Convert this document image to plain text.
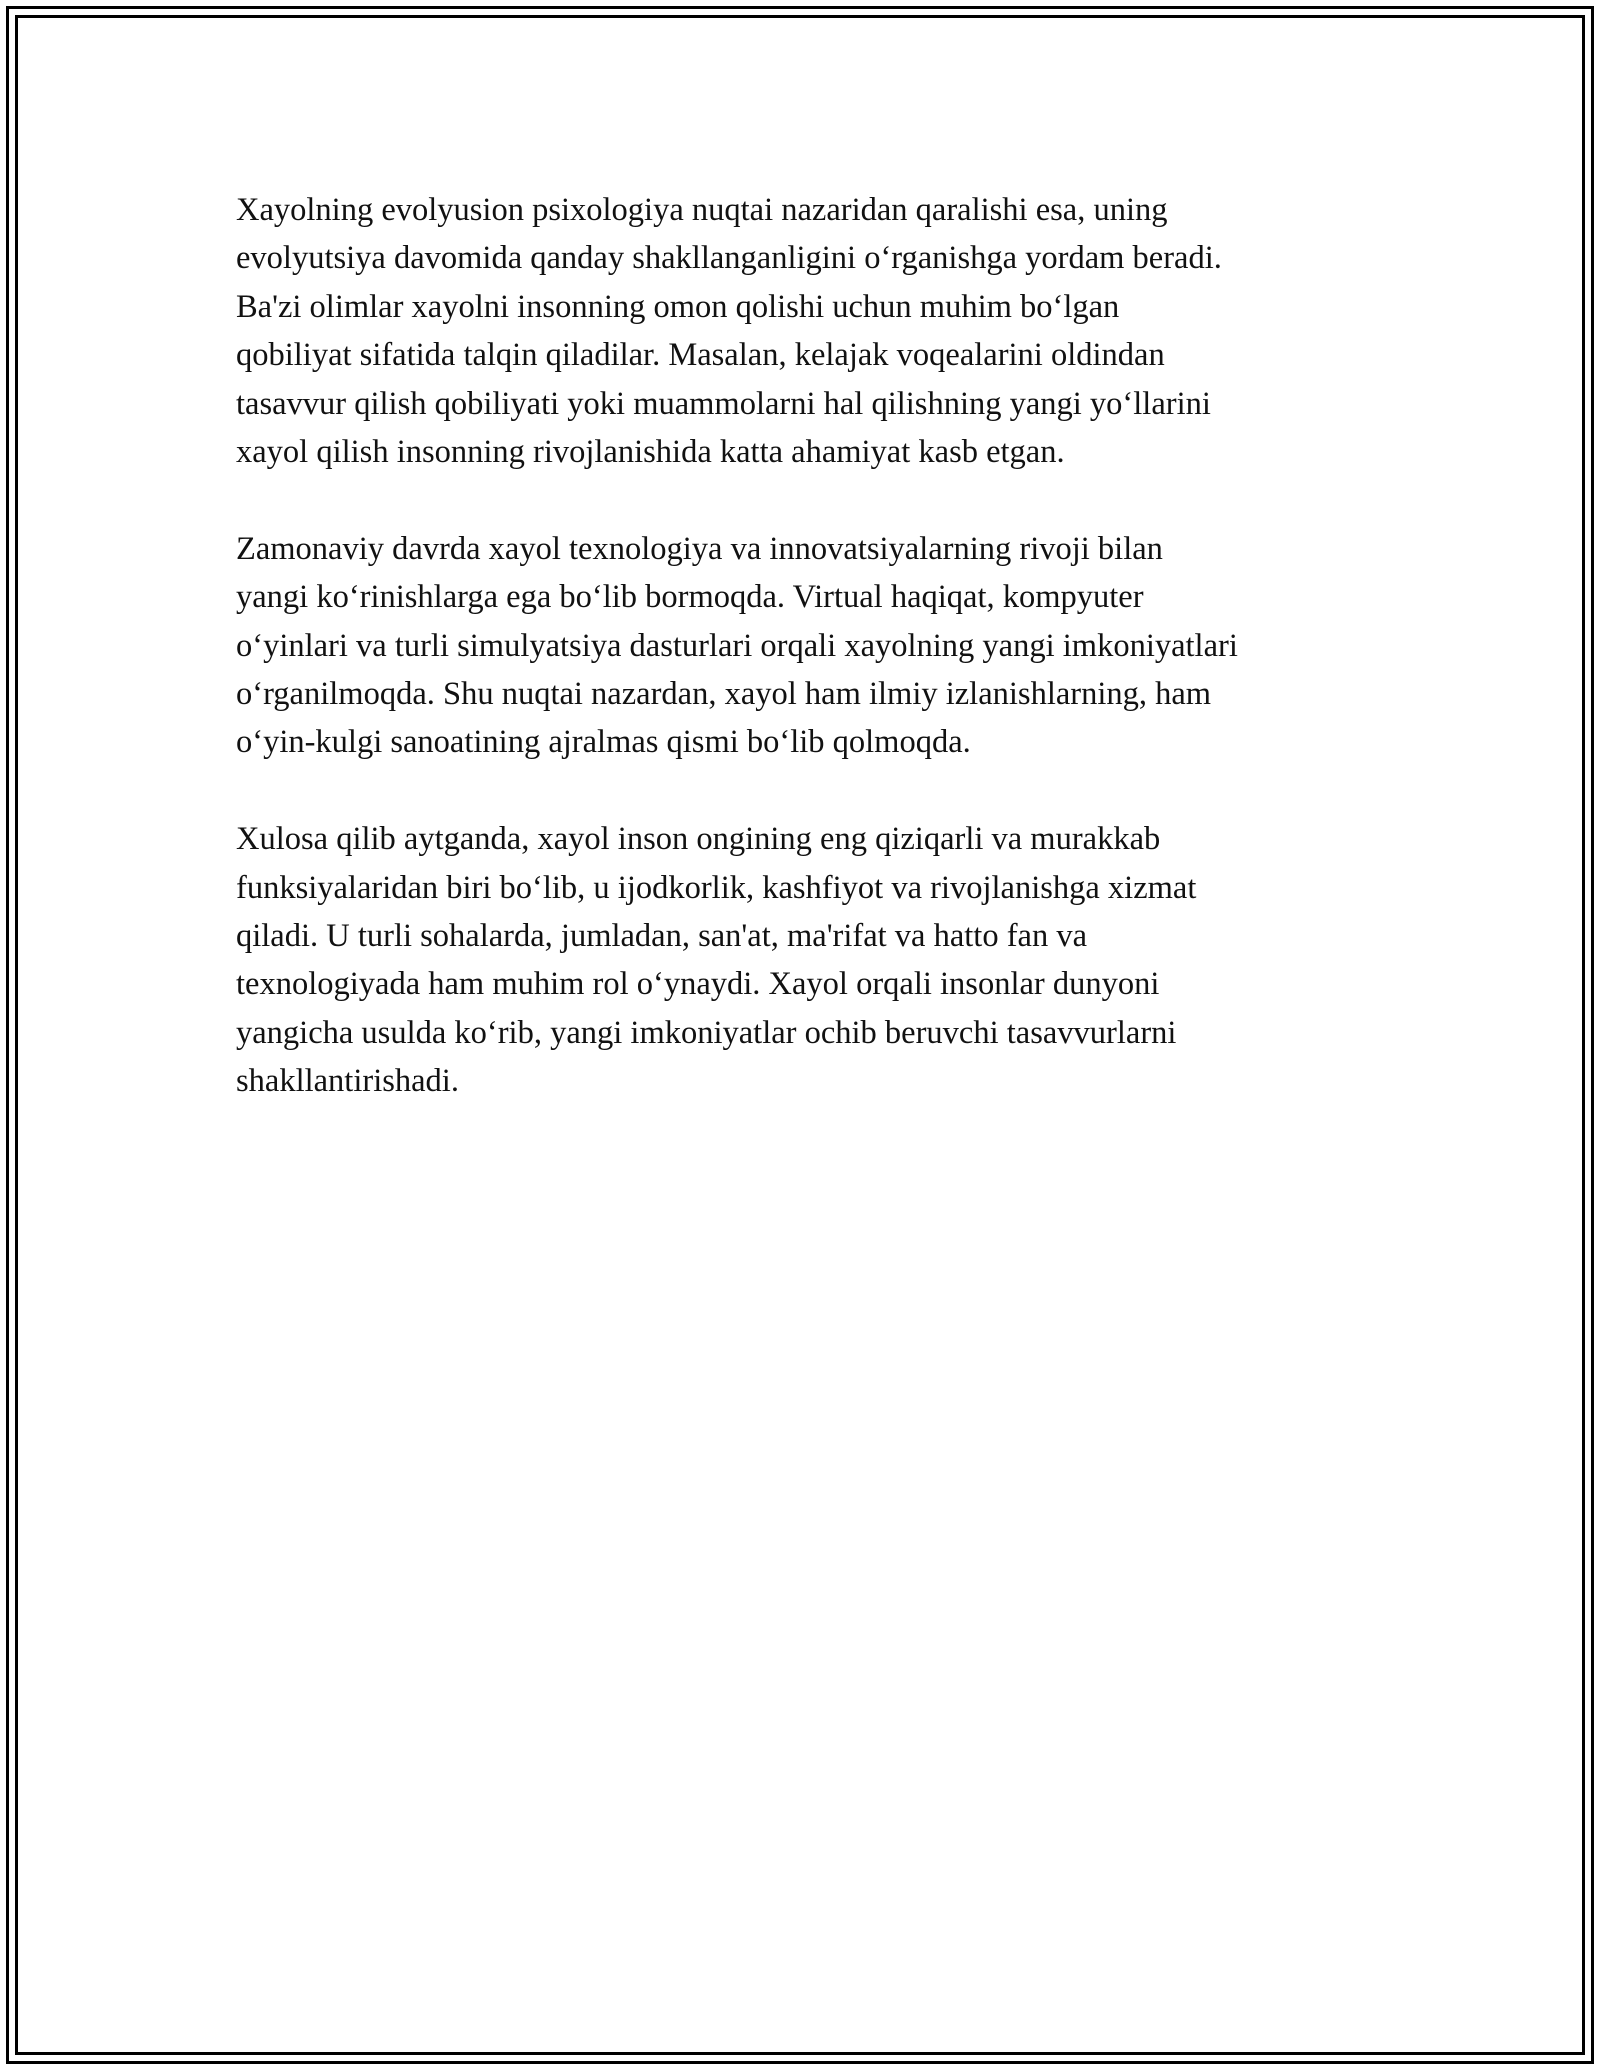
Xayolning evolyusion psixologiya nuqtai nazaridan qaralishi esa, uning
evolyutsiya davomida qanday shakllanganligini o‘rganishga yordam beradi.
Ba'zi olimlar xayolni insonning omon qolishi uchun muhim bo‘lgan
qobiliyat sifatida talqin qiladilar. Masalan, kelajak voqealarini oldindan
tasavvur qilish qobiliyati yoki muammolarni hal qilishning yangi yo‘llarini
xayol qilish insonning rivojlanishida katta ahamiyat kasb etgan.

Zamonaviy davrda xayol texnologiya va innovatsiyalarning rivoji bilan
yangi ko‘rinishlarga ega bo‘lib bormoqda. Virtual haqiqat, kompyuter
o‘yinlari va turli simulyatsiya dasturlari orqali xayolning yangi imkoniyatlari
o‘rganilmoqda. Shu nuqtai nazardan, xayol ham ilmiy izlanishlarning, ham
o‘yin-kulgi sanoatining ajralmas qismi bo‘lib qolmoqda.

Xulosa qilib aytganda, xayol inson ongining eng qiziqarli va murakkab
funksiyalaridan biri bo‘lib, u ijodkorlik, kashfiyot va rivojlanishga xizmat
qiladi. U turli sohalarda, jumladan, san'at, ma'rifat va hatto fan va
texnologiyada ham muhim rol o‘ynaydi. Xayol orqali insonlar dunyoni
yangicha usulda ko‘rib, yangi imkoniyatlar ochib beruvchi tasavvurlarni
shakllantirishadi.
